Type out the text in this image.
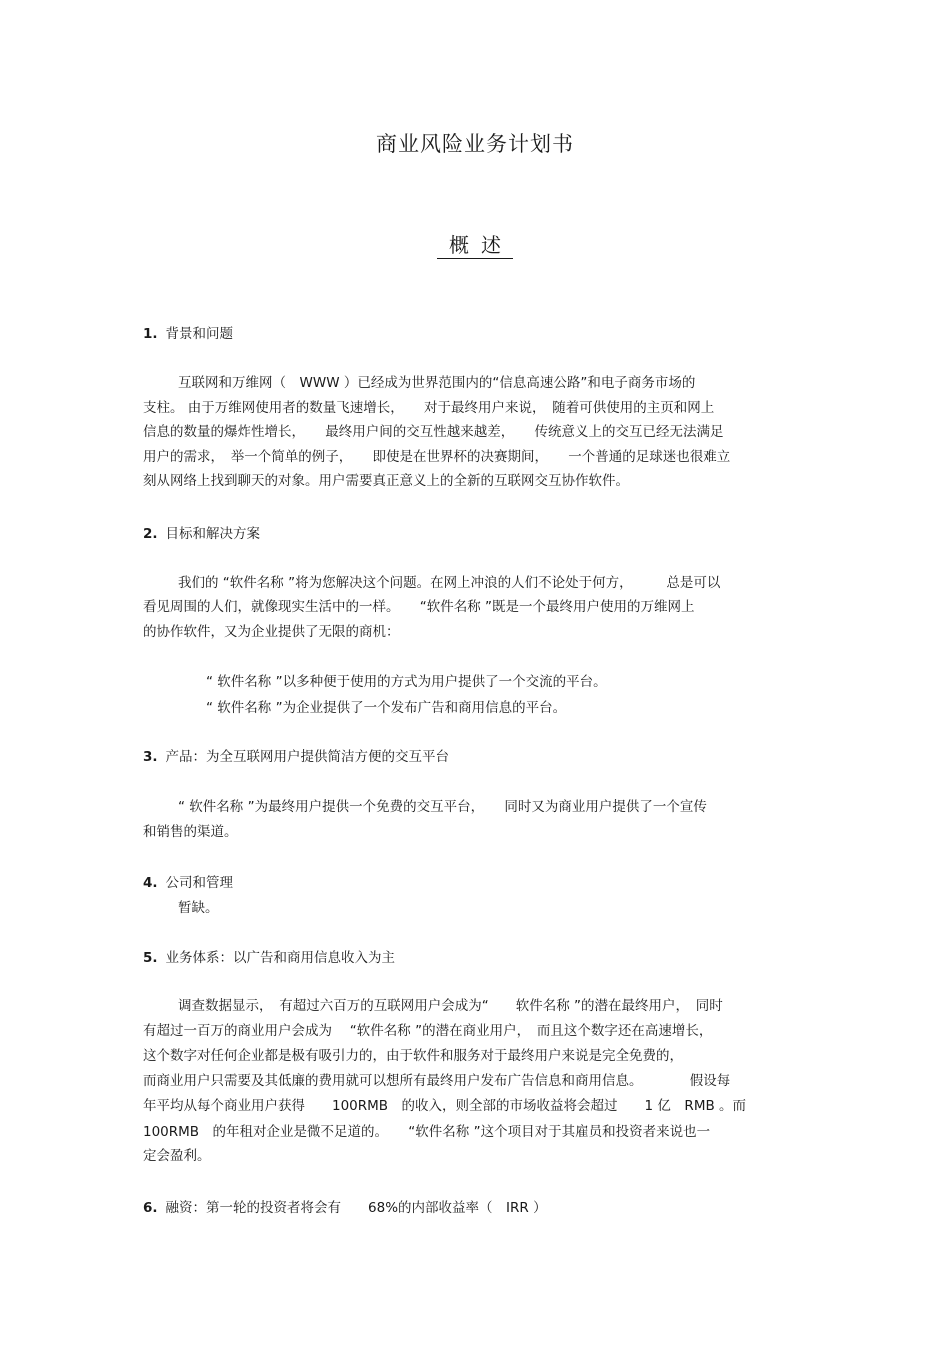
商业风险业务计划书
概述
1. 背景和问题
互联网和万维网（　WWW ）已经成为世界范围内的“信息高速公路”和电子商务市场的
支柱。 由于万维网使用者的数量飞速增长，　　对于最终用户来说，　随着可供使用的主页和网上
信息的数量的爆炸性增长，　　最终用户间的交互性越来越差，　　传统意义上的交互已经无法满足
用户的需求，　举一个简单的例子，　　即使是在世界杯的决赛期间，　　一个普通的足球迷也很难立
刻从网络上找到聊天的对象。用户需要真正意义上的全新的互联网交互协作软件。
2. 目标和解决方案
我们的 “软件名称 ”将为您解决这个问题。在网上冲浪的人们不论处于何方，　　　总是可以
看见周围的人们，就像现实生活中的一样。　　“软件名称 ”既是一个最终用户使用的万维网上
的协作软件，又为企业提供了无限的商机：
“ 软件名称 ”以多种便于使用的方式为用户提供了一个交流的平台。
“ 软件名称 ”为企业提供了一个发布广告和商用信息的平台。
3. 产品：为全互联网用户提供简洁方便的交互平台
“ 软件名称 ”为最终用户提供一个免费的交互平台，　　同时又为商业用户提供了一个宣传
和销售的渠道。
4. 公司和管理
暂缺。
5. 业务体系：以广告和商用信息收入为主
调查数据显示，　有超过六百万的互联网用户会成为“　　软件名称 ”的潜在最终用户，　同时
有超过一百万的商业用户会成为　 “软件名称 ”的潜在商业用户，　而且这个数字还在高速增长，
这个数字对任何企业都是极有吸引力的，由于软件和服务对于最终用户来说是完全免费的，
而商业用户只需要及其低廉的费用就可以想所有最终用户发布广告信息和商用信息。　　　　假设每
年平均从每个商业用户获得　　100RMB　的收入，则全部的市场收益将会超过　　1 亿　RMB 。而
100RMB　的年租对企业是微不足道的。　　“软件名称 ”这个项目对于其雇员和投资者来说也一
定会盈利。
6. 融资：第一轮的投资者将会有　　68%的内部收益率（　IRR ）
